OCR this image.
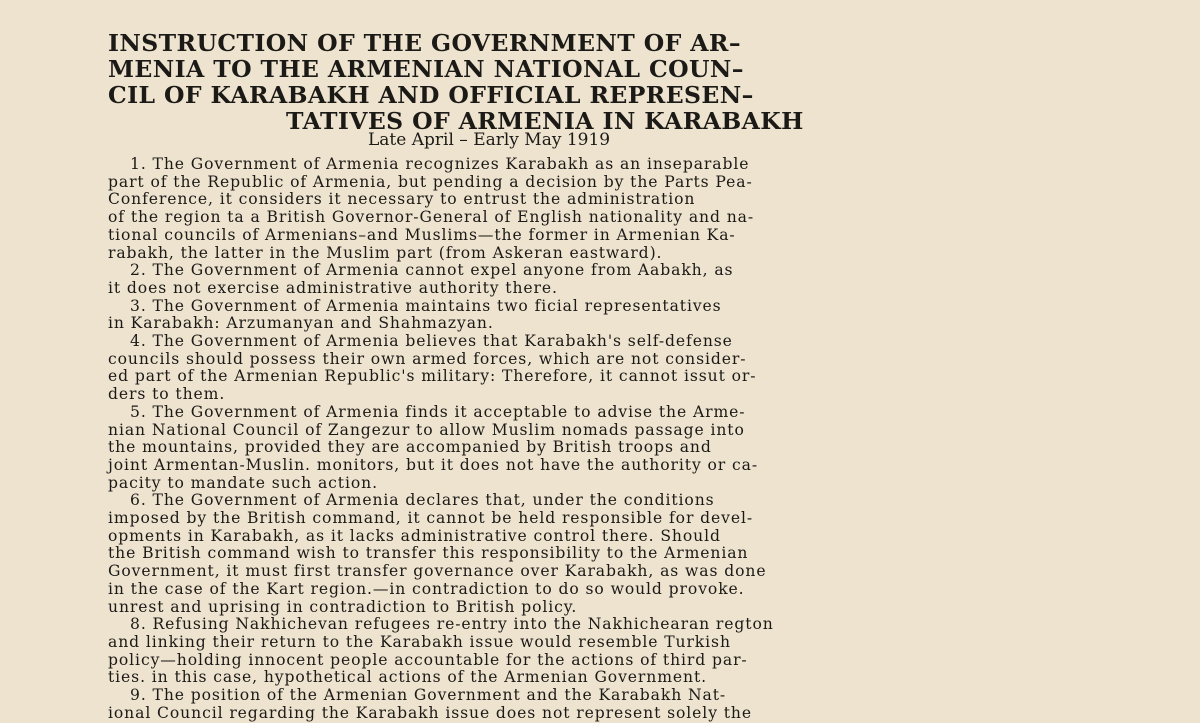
INSTRUCTION OF THE GOVERNMENT OF AR–
MENIA TO THE ARMENIAN NATIONAL COUN–
CIL OF KARABAKH AND OFFICIAL REPRESEN–
TATIVES OF ARMENIA IN KARABAKH

Late April – Early May 1919

1. The Government of Armenia recognizes Karabakh as an inseparable
part of the Republic of Armenia, but pending a decision by the Parts Pea-
Conference, it considers it necessary to entrust the administration
of the region ta a British Governor-General of English nationality and na-
tional councils of Armenians–and Muslims—the former in Armenian Ka-
rabakh, the latter in the Muslim part (from Askeran eastward).
2. The Government of Armenia cannot expel anyone from Aabakh, as
it does not exercise administrative authority there.
3. The Government of Armenia maintains two ficial representatives
in Karabakh: Arzumanyan and Shahmazyan.
4. The Government of Armenia believes that Karabakh's self-defense
councils should possess their own armed forces, which are not consider-
ed part of the Armenian Republic's military: Therefore, it cannot issut or-
ders to them.
5. The Government of Armenia finds it acceptable to advise the Arme-
nian National Council of Zangezur to allow Muslim nomads passage into
the mountains, provided they are accompanied by British troops and
joint Armentan-Muslin. monitors, but it does not have the authority or ca-
pacity to mandate such action.
6. The Government of Armenia declares that, under the conditions
imposed by the British command, it cannot be held responsible for devel-
opments in Karabakh, as it lacks administrative control there. Should
the British command wish to transfer this responsibility to the Armenian
Government, it must first transfer governance over Karabakh, as was done
in the case of the Kart region.—in contradiction to do so would provoke.
unrest and uprising in contradiction to British policy.
8. Refusing Nakhichevan refugees re-entry into the Nakhichearan regton
and linking their return to the Karabakh issue would resemble Turkish
policy—holding innocent people accountable for the actions of third par-
ties. in this case, hypothetical actions of the Armenian Government.
9. The position of the Armenian Government and the Karabakh Nat-
ional Council regarding the Karabakh issue does not represent solely the
